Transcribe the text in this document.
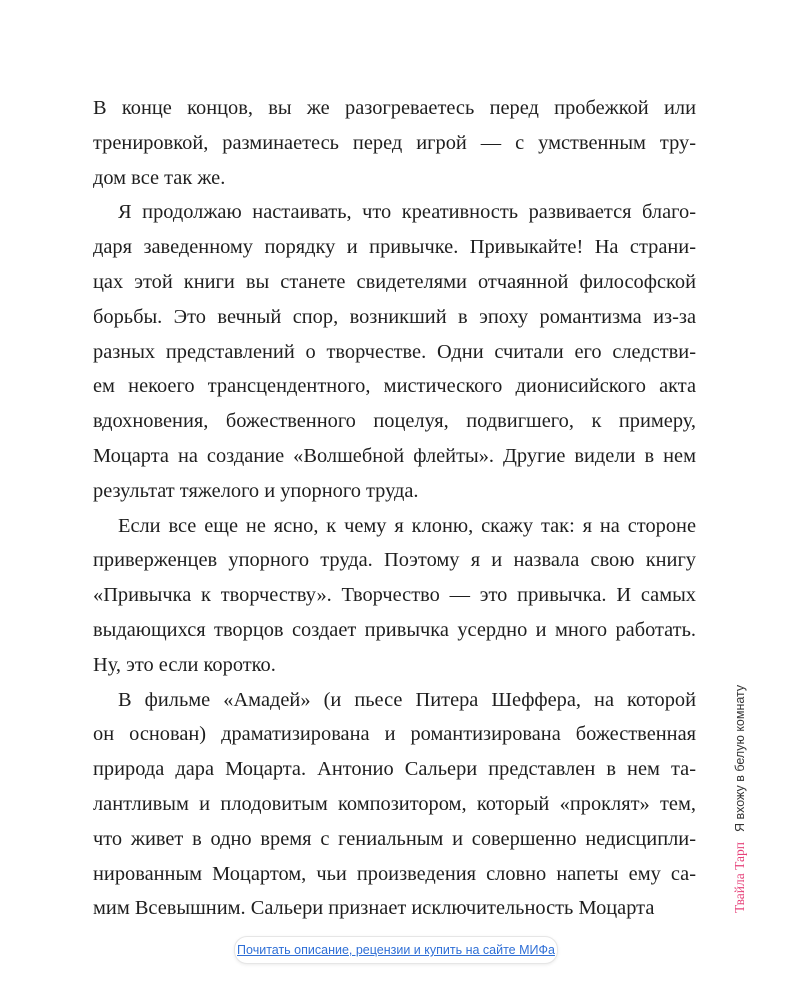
В конце концов, вы же разогреваетесь перед пробежкой или
тренировкой, разминаетесь перед игрой — с умственным тру-
дом все так же.
Я продолжаю настаивать, что креативность развивается благо-
даря заведенному порядку и привычке. Привыкайте! На страни-
цах этой книги вы станете свидетелями отчаянной философской
борьбы. Это вечный спор, возникший в эпоху романтизма из-за
разных представлений о творчестве. Одни считали его следстви-
ем некоего трансцендентного, мистического дионисийского акта
вдохновения, божественного поцелуя, подвигшего, к примеру,
Моцарта на создание «Волшебной флейты». Другие видели в нем
результат тяжелого и упорного труда.
Если все еще не ясно, к чему я клоню, скажу так: я на стороне
приверженцев упорного труда. Поэтому я и назвала свою книгу
«Привычка к творчеству». Творчество — это привычка. И самых
выдающихся творцов создает привычка усердно и много работать.
Ну, это если коротко.
В фильме «Амадей» (и пьесе Питера Шеффера, на которой
он основан) драматизирована и романтизирована божественная
природа дара Моцарта. Антонио Сальери представлен в нем та-
лантливым и плодовитым композитором, который «проклят» тем,
что живет в одно время с гениальным и совершенно недисципли-
нированным Моцартом, чьи произведения словно напеты ему са-
мим Всевышним. Сальери признает исключительность Моцарта	Твайла ТарпЯ вхожу в белую комнату
Почитать описание, рецензии и купить на сайте МИФа
